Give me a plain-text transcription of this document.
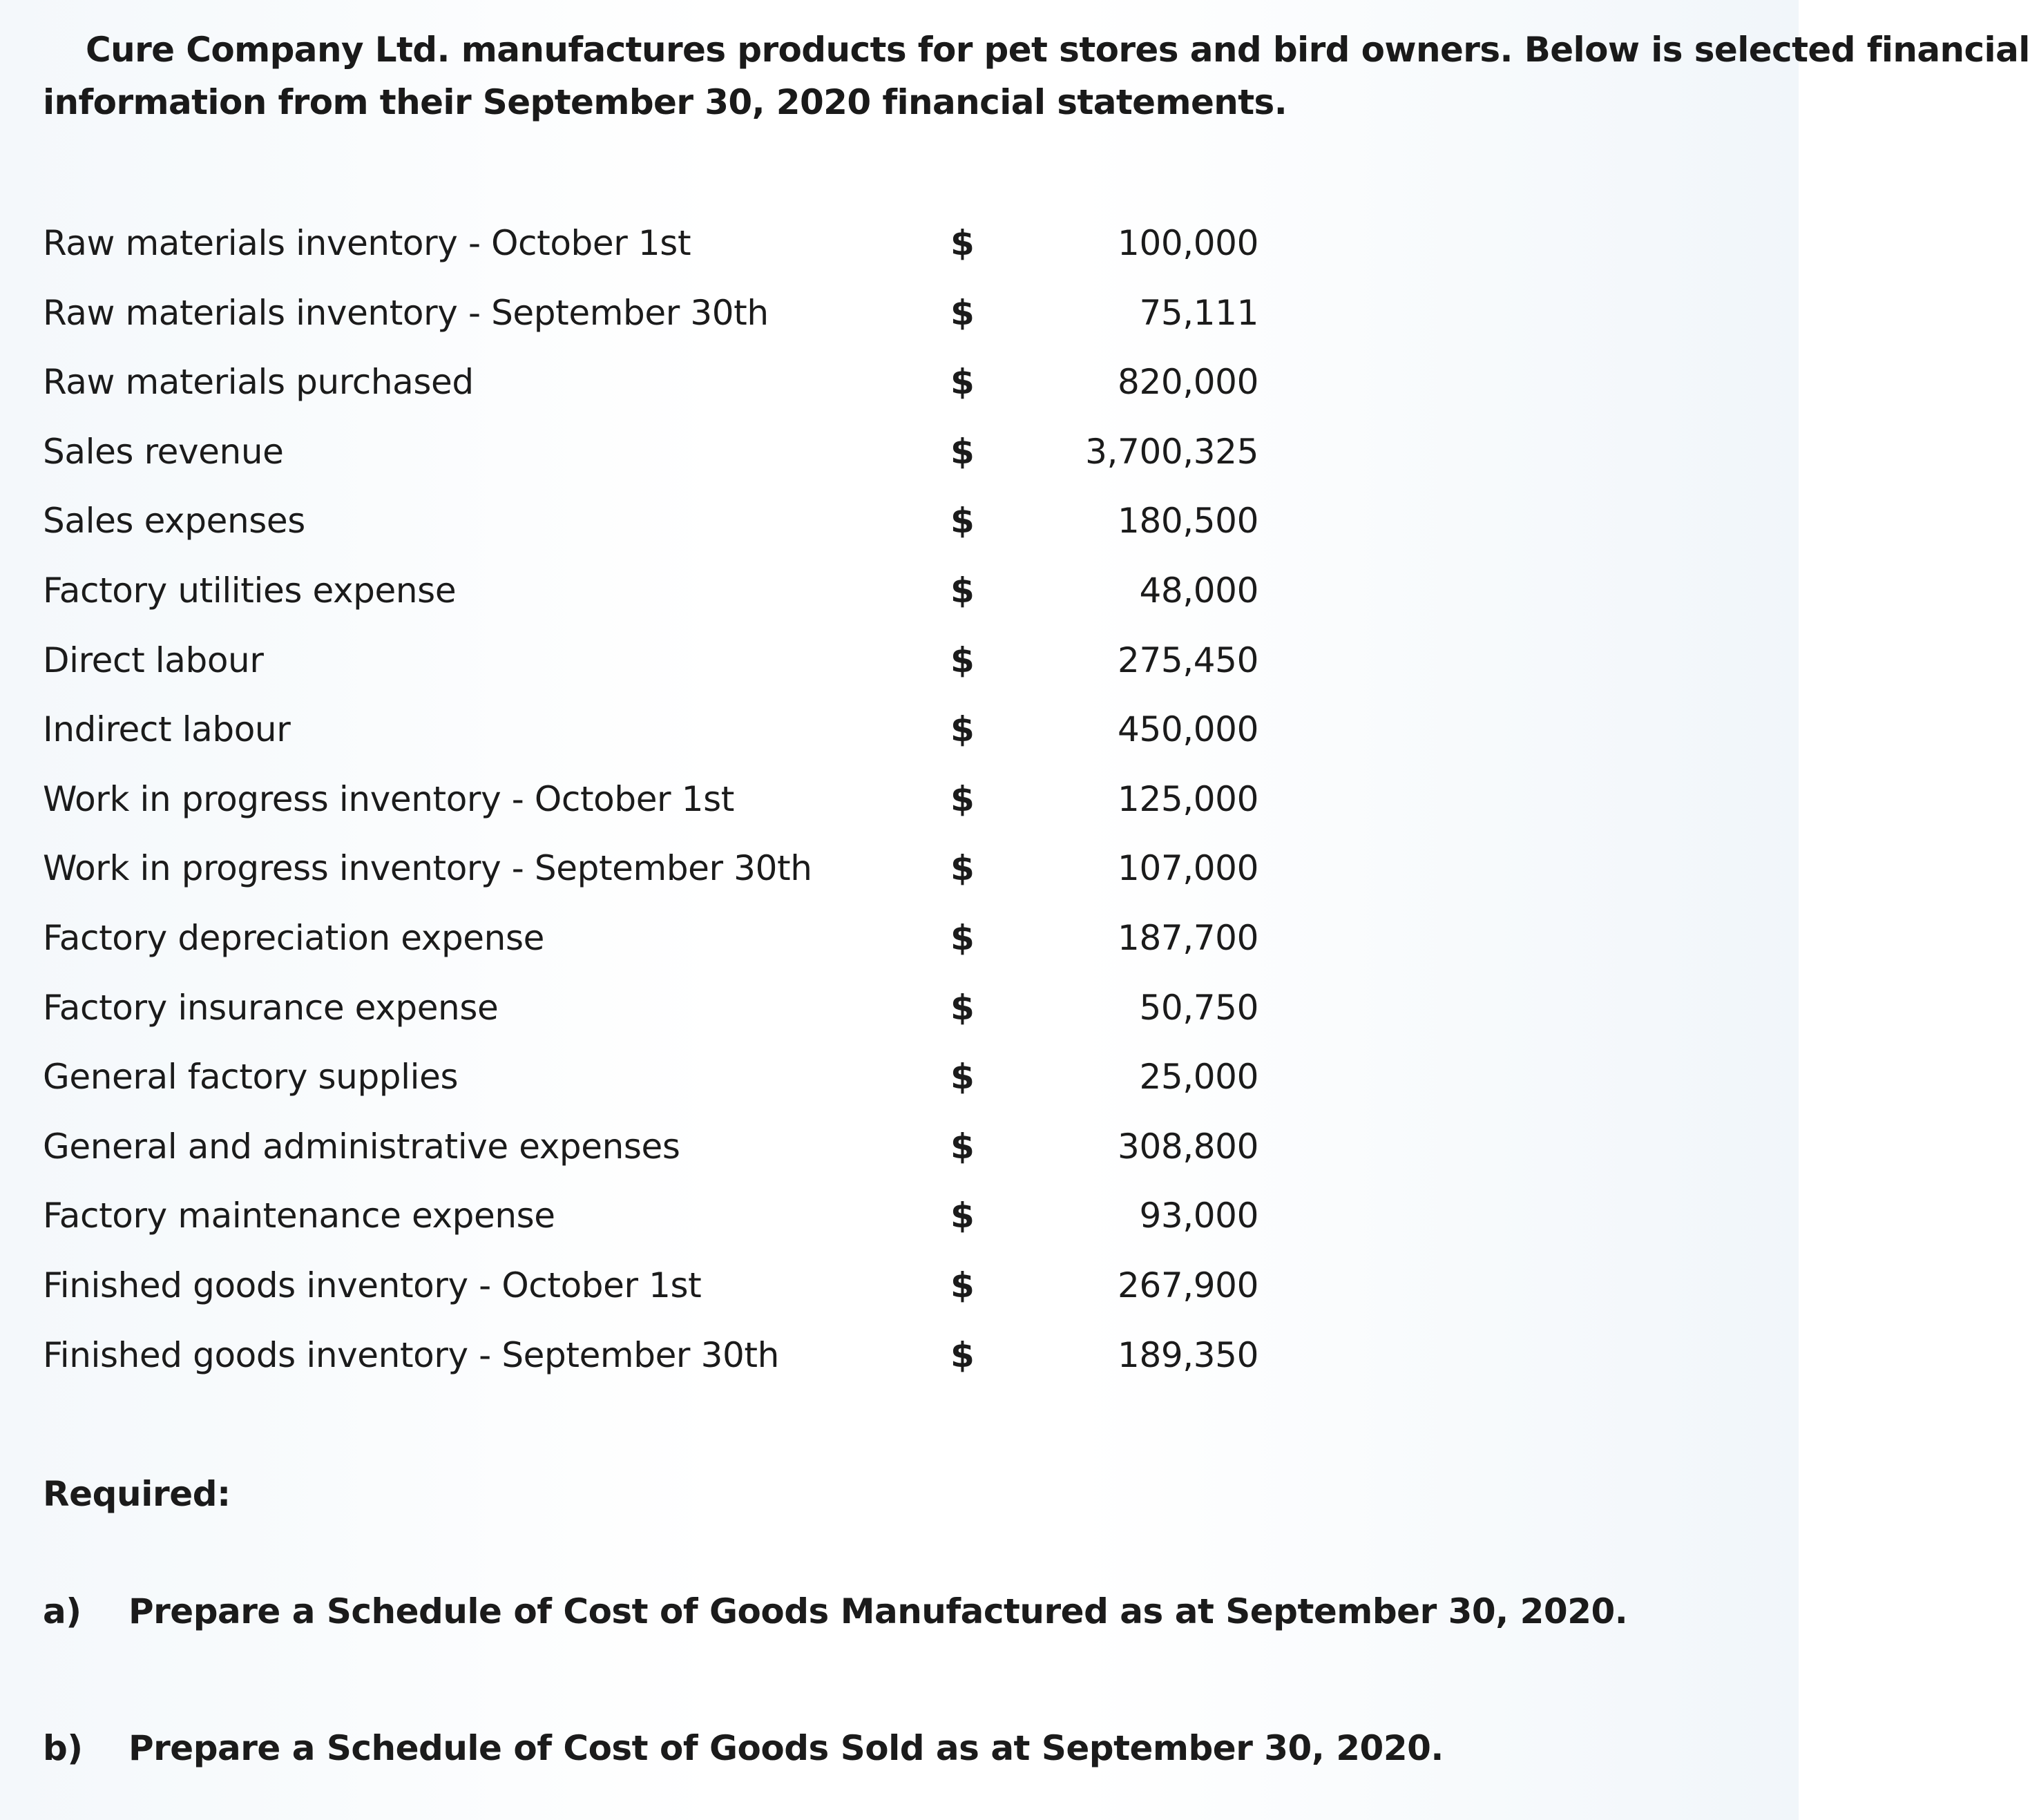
Cure Company Ltd. manufactures products for pet stores and bird owners. Below is selected financial
information from their September 30, 2020 financial statements.
Raw materials inventory - October 1st	$	100,000
Raw materials inventory - September 30th	$	75,111
Raw materials purchased	$	820,000
Sales revenue	$	3,700,325
Sales expenses	$	180,500
Factory utilities expense	$	48,000
Direct labour	$	275,450
Indirect labour	$	450,000
Work in progress inventory - October 1st	$	125,000
Work in progress inventory - September 30th	$	107,000
Factory depreciation expense	$	187,700
Factory insurance expense	$	50,750
General factory supplies	$	25,000
General and administrative expenses	$	308,800
Factory maintenance expense	$	93,000
Finished goods inventory - October 1st	$	267,900
Finished goods inventory - September 30th	$	189,350
Required:
a) Prepare a Schedule of Cost of Goods Manufactured as at September 30, 2020.
b) Prepare a Schedule of Cost of Goods Sold as at September 30, 2020.
